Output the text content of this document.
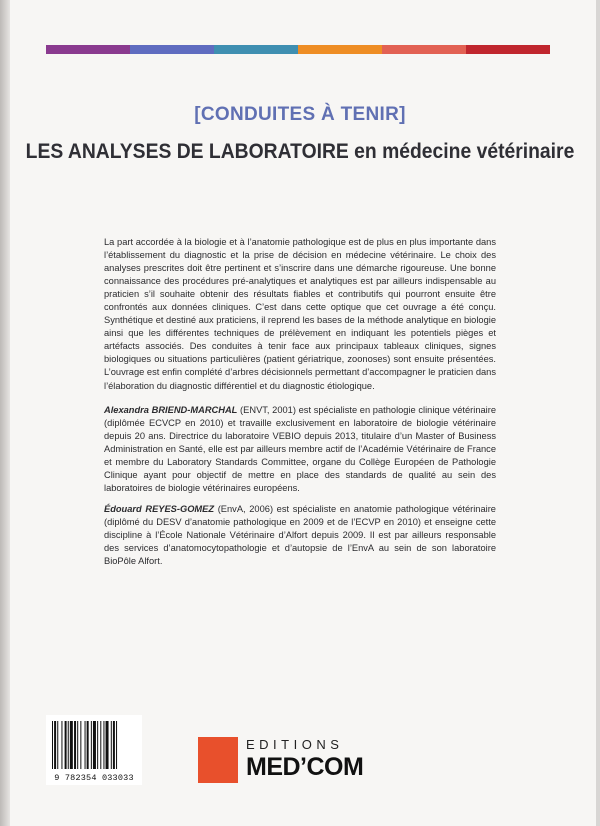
[CONDUITES À TENIR]
LES ANALYSES DE LABORATOIRE en médecine vétérinaire

La part accordée à la biologie et à l’anatomie pathologique est de plus en plus importante dans l’établissement du diagnostic et la prise de décision en médecine vétérinaire. Le choix des analyses prescrites doit être pertinent et s’inscrire dans une démarche rigoureuse. Une bonne connaissance des procédures pré-analytiques et analytiques est par ailleurs indispensable au praticien s’il souhaite obtenir des résultats fiables et contributifs qui pourront ensuite être confrontés aux données cliniques. C’est dans cette optique que cet ouvrage a été conçu. Synthétique et destiné aux praticiens, il reprend les bases de la méthode analytique en biologie ainsi que les différentes techniques de prélèvement en indiquant les potentiels pièges et artéfacts associés. Des conduites à tenir face aux principaux tableaux cliniques, signes biologiques ou situations particulières (patient gériatrique, zoonoses) sont ensuite présentées. L’ouvrage est enfin complété d’arbres décisionnels permettant d’accompagner le praticien dans l’élaboration du diagnostic différentiel et du diagnostic étiologique.

Alexandra BRIEND-MARCHAL (ENVT, 2001) est spécialiste en pathologie clinique vétérinaire (diplômée ECVCP en 2010) et travaille exclusivement en laboratoire de biologie vétérinaire depuis 20 ans. Directrice du laboratoire VEBIO depuis 2013, titulaire d’un Master of Business Administration en Santé, elle est par ailleurs membre actif de l’Académie Vétérinaire de France et membre du Laboratory Standards Committee, organe du Collège Européen de Pathologie Clinique ayant pour objectif de mettre en place des standards de qualité au sein des laboratoires de biologie vétérinaires européens.

Édouard REYES-GOMEZ (EnvA, 2006) est spécialiste en anatomie pathologique vétérinaire (diplômé du DESV d’anatomie pathologique en 2009 et de l’ECVP en 2010) et enseigne cette discipline à l’École Nationale Vétérinaire d’Alfort depuis 2009. Il est par ailleurs responsable des services d’anatomocytopathologie et d’autopsie de l’EnvA au sein de son laboratoire BioPôle Alfort.

9 782354 033033
EDITIONS
MED’COM
